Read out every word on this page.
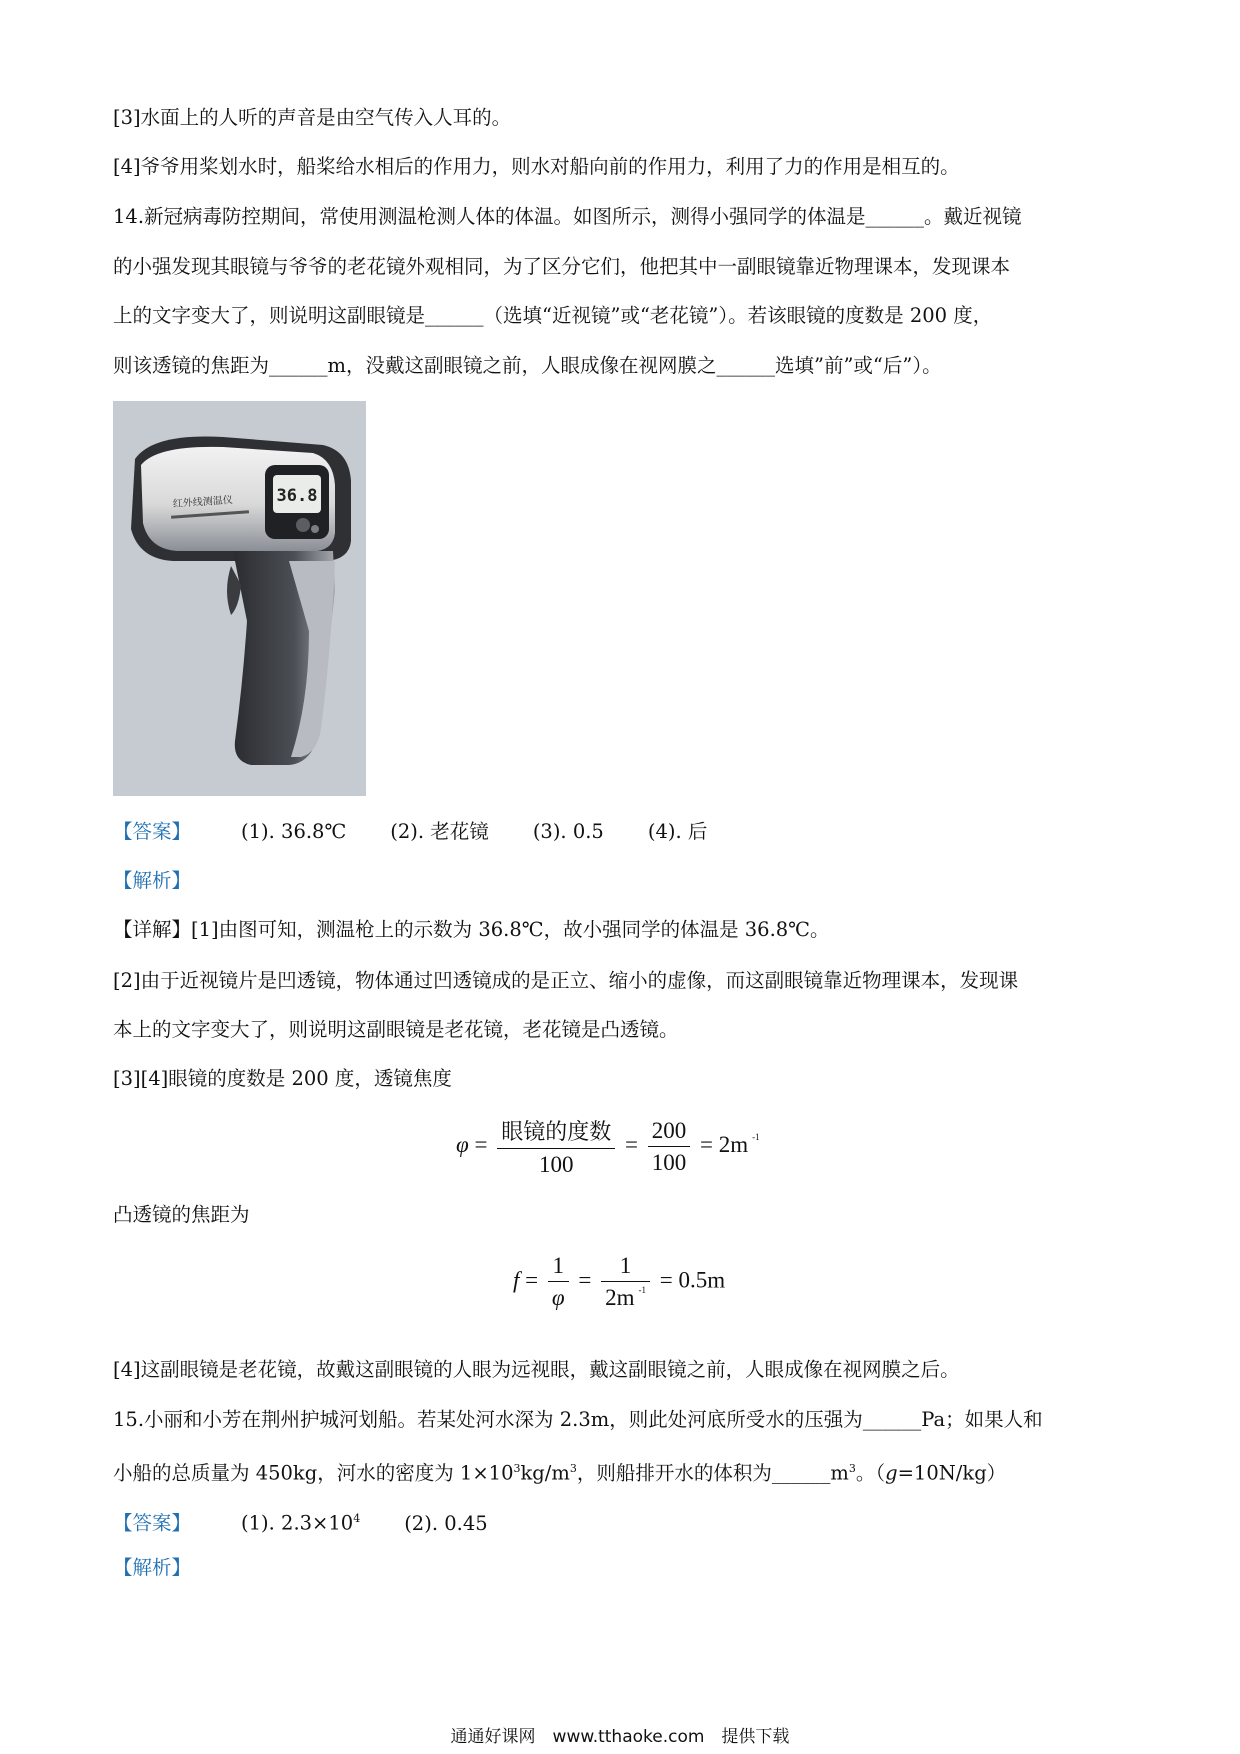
[3]水面上的人听的声音是由空气传入人耳的。
[4]爷爷用桨划水时，船桨给水相后的作用力，则水对船向前的作用力，利用了力的作用是相互的。
14.新冠病毒防控期间，常使用测温枪测人体的体温。如图所示，测得小强同学的体温是______。戴近视镜
的小强发现其眼镜与爷爷的老花镜外观相同，为了区分它们，他把其中一副眼镜靠近物理课本，发现课本
上的文字变大了，则说明这副眼镜是______（选填“近视镜”或“老花镜”）。若该眼镜的度数是 200 度，
则该透镜的焦距为______m，没戴这副眼镜之前，人眼成像在视网膜之______选填”前”或“后”）。
36.8
红外线测温仪
【答案】	(1). 36.8℃ (2). 老花镜 (3). 0.5 (4). 后
【解析】
【详解】[1]由图可知，测温枪上的示数为 36.8℃，故小强同学的体温是 36.8℃。
[2]由于近视镜片是凹透镜，物体通过凹透镜成的是正立、缩小的虚像，而这副眼镜靠近物理课本，发现课
本上的文字变大了，则说明这副眼镜是老花镜，老花镜是凸透镜。
[3][4]眼镜的度数是 200 度，透镜焦度
$\varphi = \frac{\text{眼镜的度数}}{100} = \frac{200}{100} = 2m$ $^{-1}$
凸透镜的焦距为
$f = \frac{1}{\varphi} = \frac{1}{2m ^{-1}} = 0.5m$
[4]这副眼镜是老花镜，故戴这副眼镜的人眼为远视眼，戴这副眼镜之前，人眼成像在视网膜之后。
15.小丽和小芳在荆州护城河划船。若某处河水深为 2.3m，则此处河底所受水的压强为______Pa；如果人和
小船的总质量为 450kg，河水的密度为 $1\times 10^3kg/m^3$，则船排开水的体积为$\_\_\_\_\_\_m^3$。（g=10N/kg）
【答案】	(1). $2.3\times 10^4$ (2). 0.45
【解析】
通通好课网　www.tthaoke.com　提供下载
